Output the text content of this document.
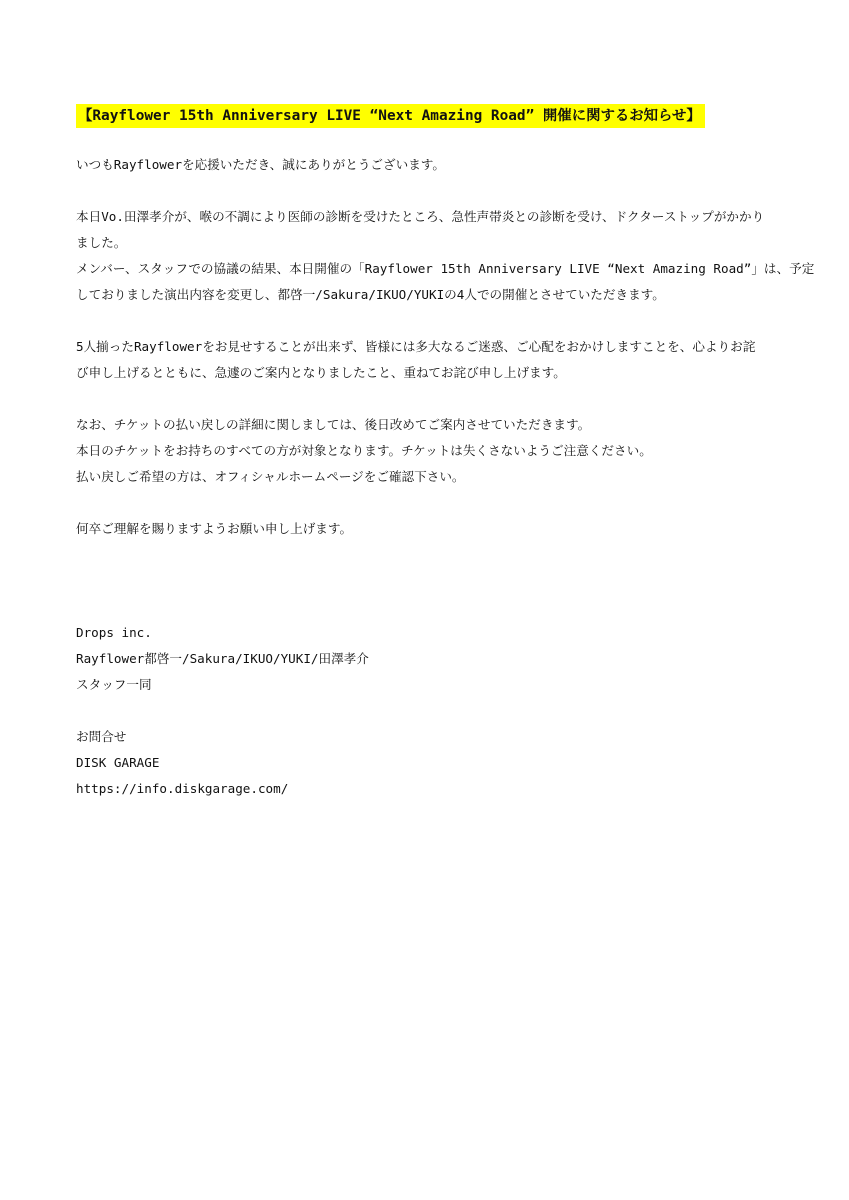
【Rayflower 15th Anniversary LIVE “Next Amazing Road” 開催に関するお知らせ】

いつもRayflowerを応援いただき、誠にありがとうございます。

本日Vo.田澤孝介が、喉の不調により医師の診断を受けたところ、急性声帯炎との診断を受け、ドクターストップがかかり

ました。

メンバー、スタッフでの協議の結果、本日開催の「Rayflower 15th Anniversary LIVE “Next Amazing Road”」は、予定

しておりました演出内容を変更し、都啓一/Sakura/IKUO/YUKIの4人での開催とさせていただきます。

5人揃ったRayflowerをお見せすることが出来ず、皆様には多大なるご迷惑、ご心配をおかけしますことを、心よりお詫

び申し上げるとともに、急遽のご案内となりましたこと、重ねてお詫び申し上げます。

なお、チケットの払い戻しの詳細に関しましては、後日改めてご案内させていただきます。

本日のチケットをお持ちのすべての方が対象となります。チケットは失くさないようご注意ください。

払い戻しご希望の方は、オフィシャルホームページをご確認下さい。

何卒ご理解を賜りますようお願い申し上げます。

Drops inc.

Rayflower都啓一/Sakura/IKUO/YUKI/田澤孝介

スタッフ一同

お問合せ

DISK GARAGE

https://info.diskgarage.com/
